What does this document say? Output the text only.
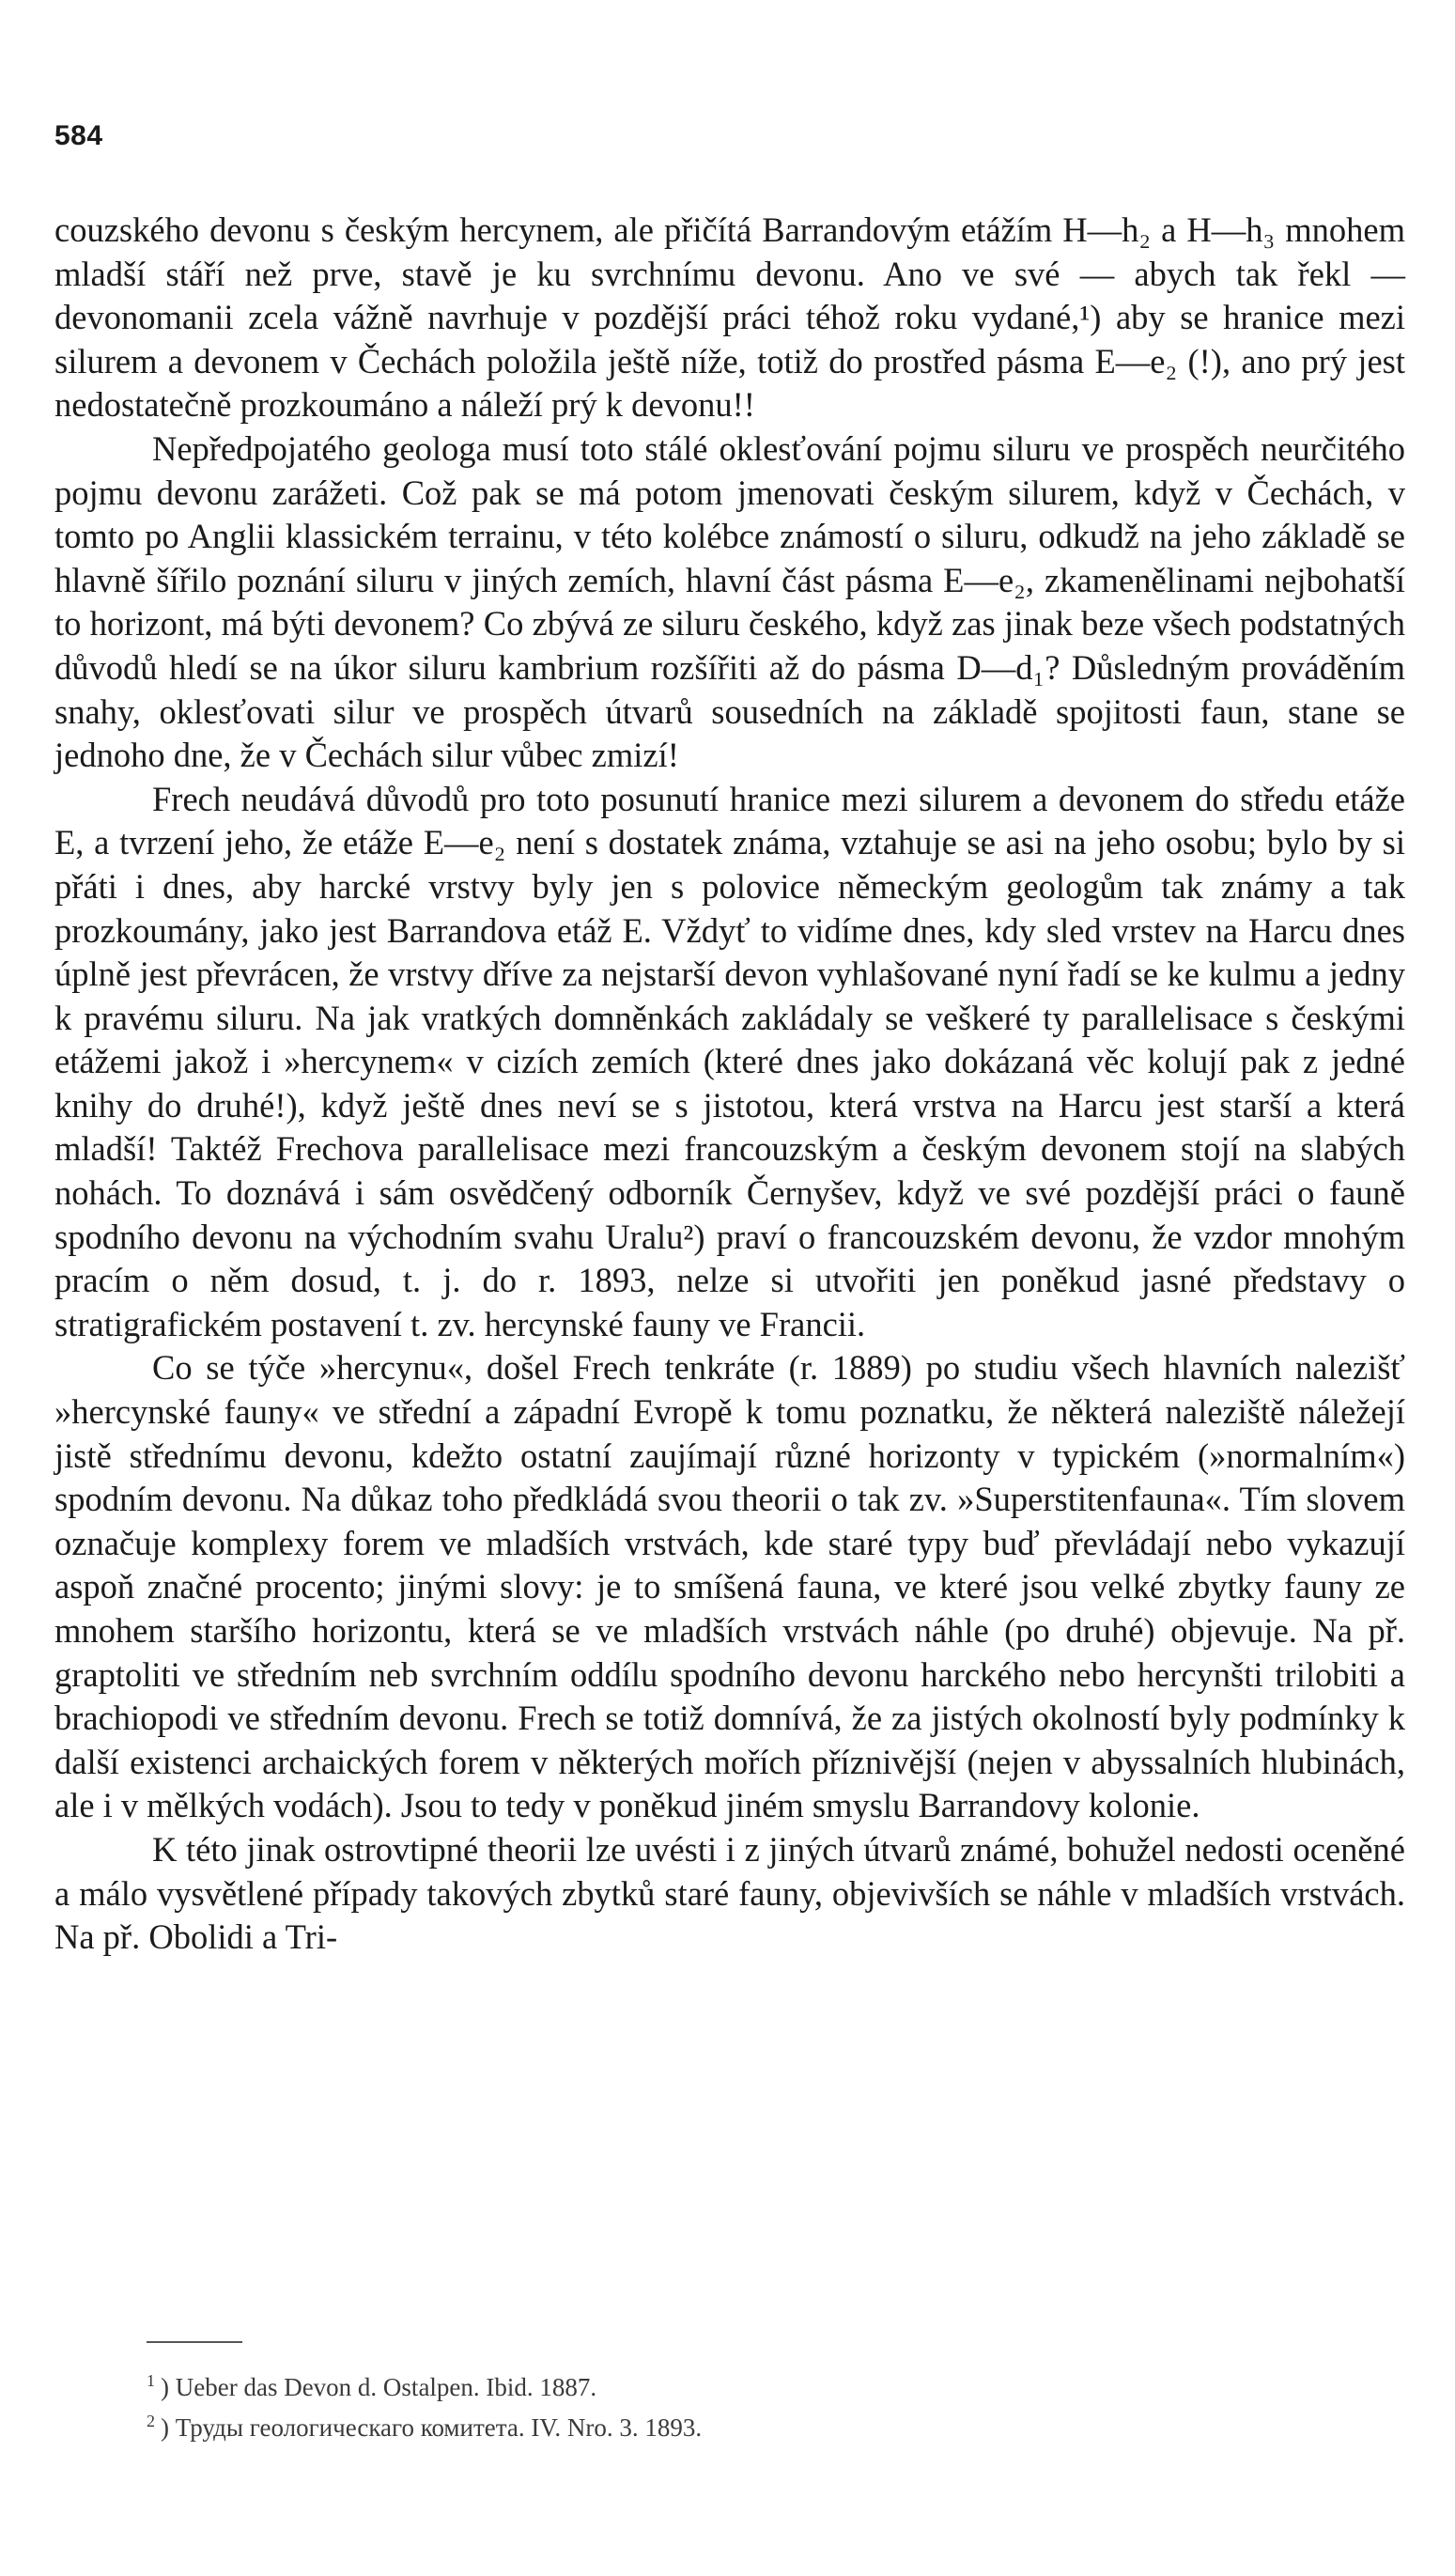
584

couzského devonu s českým hercynem, ale přičítá Barrandovým etážím H—h₂ a H—h₃ mnohem mladší stáří než prve, stavě je ku svrchnímu devonu. Ano ve své — abych tak řekl — devonomanii zcela vážně navrhuje v pozdější práci téhož roku vydané,¹) aby se hranice mezi silurem a devonem v Čechách položila ještě níže, totiž do prostřed pásma E—e₂ (!), ano prý jest nedostatečně prozkoumáno a náleží prý k devonu!!

Nepředpojatého geologa musí toto stálé oklesťování pojmu siluru ve prospěch neurčitého pojmu devonu zarážeti. Což pak se má potom jmenovati českým silurem, když v Čechách, v tomto po Anglii klassickém terrainu, v této kolébce známostí o siluru, odkudž na jeho základě se hlavně šířilo poznání siluru v jiných zemích, hlavní část pásma E—e₂, zkamenělinami nejbohatší to horizont, má býti devonem? Co zbývá ze siluru českého, když zas jinak beze všech podstatných důvodů hledí se na úkor siluru kambrium rozšířiti až do pásma D—d₁? Důsledným prováděním snahy, oklesťovati silur ve prospěch útvarů sousedních na základě spojitosti faun, stane se jednoho dne, že v Čechách silur vůbec zmizí!

Frech neudává důvodů pro toto posunutí hranice mezi silurem a devonem do středu etáže E, a tvrzení jeho, že etáže E—e₂ není s dostatek známa, vztahuje se asi na jeho osobu; bylo by si přáti i dnes, aby harcké vrstvy byly jen s polovice německým geologům tak známy a tak prozkoumány, jako jest Barrandova etáž E. Vždyť to vidíme dnes, kdy sled vrstev na Harcu dnes úplně jest převrácen, že vrstvy dříve za nejstarší devon vyhlašované nyní řadí se ke kulmu a jedny k pravému siluru. Na jak vratkých domněnkách zakládaly se veškeré ty parallelisace s českými etážemi jakož i »hercynem« v cizích zemích (které dnes jako dokázaná věc kolují pak z jedné knihy do druhé!), když ještě dnes neví se s jistotou, která vrstva na Harcu jest starší a která mladší! Taktéž Frechova parallelisace mezi francouzským a českým devonem stojí na slabých nohách. To doznává i sám osvědčený odborník Černyšev, když ve své pozdější práci o fauně spodního devonu na východním svahu Uralu²) praví o francouzském devonu, že vzdor mnohým pracím o něm dosud, t. j. do r. 1893, nelze si utvořiti jen poněkud jasné představy o stratigrafickém postavení t. zv. hercynské fauny ve Francii.

Co se týče »hercynu«, došel Frech tenkráte (r. 1889) po studiu všech hlavních nalezišť »hercynské fauny« ve střední a západní Evropě k tomu poznatku, že některá naleziště náležejí jistě střednímu devonu, kdežto ostatní zaujímají různé horizonty v typickém (»normalním«) spodním devonu. Na důkaz toho předkládá svou theorii o tak zv. »Superstitenfauna«. Tím slovem označuje komplexy forem ve mladších vrstvách, kde staré typy buď převládají nebo vykazují aspoň značné procento; jinými slovy: je to smíšená fauna, ve které jsou velké zbytky fauny ze mnohem staršího horizontu, která se ve mladších vrstvách náhle (po druhé) objevuje. Na př. graptoliti ve středním neb svrchním oddílu spodního devonu harckého nebo hercynšti trilobiti a brachiopodi ve středním devonu. Frech se totiž domnívá, že za jistých okolností byly podmínky k další existenci archaických forem v některých mořích příznivější (nejen v abyssalních hlubinách, ale i v mělkých vodách). Jsou to tedy v poněkud jiném smyslu Barrandovy kolonie.

K této jinak ostrovtipné theorii lze uvésti i z jiných útvarů známé, bohužel nedosti oceněné a málo vysvětlené případy takových zbytků staré fauny, objevivších se náhle v mladších vrstvách. Na př. Obolidi a Tri-

$^1$ ) Ueber das Devon d. Ostalpen. Ibid. 1887.

$^2$ ) Труды геологическаго комитета. IV. Nro. 3. 1893.
